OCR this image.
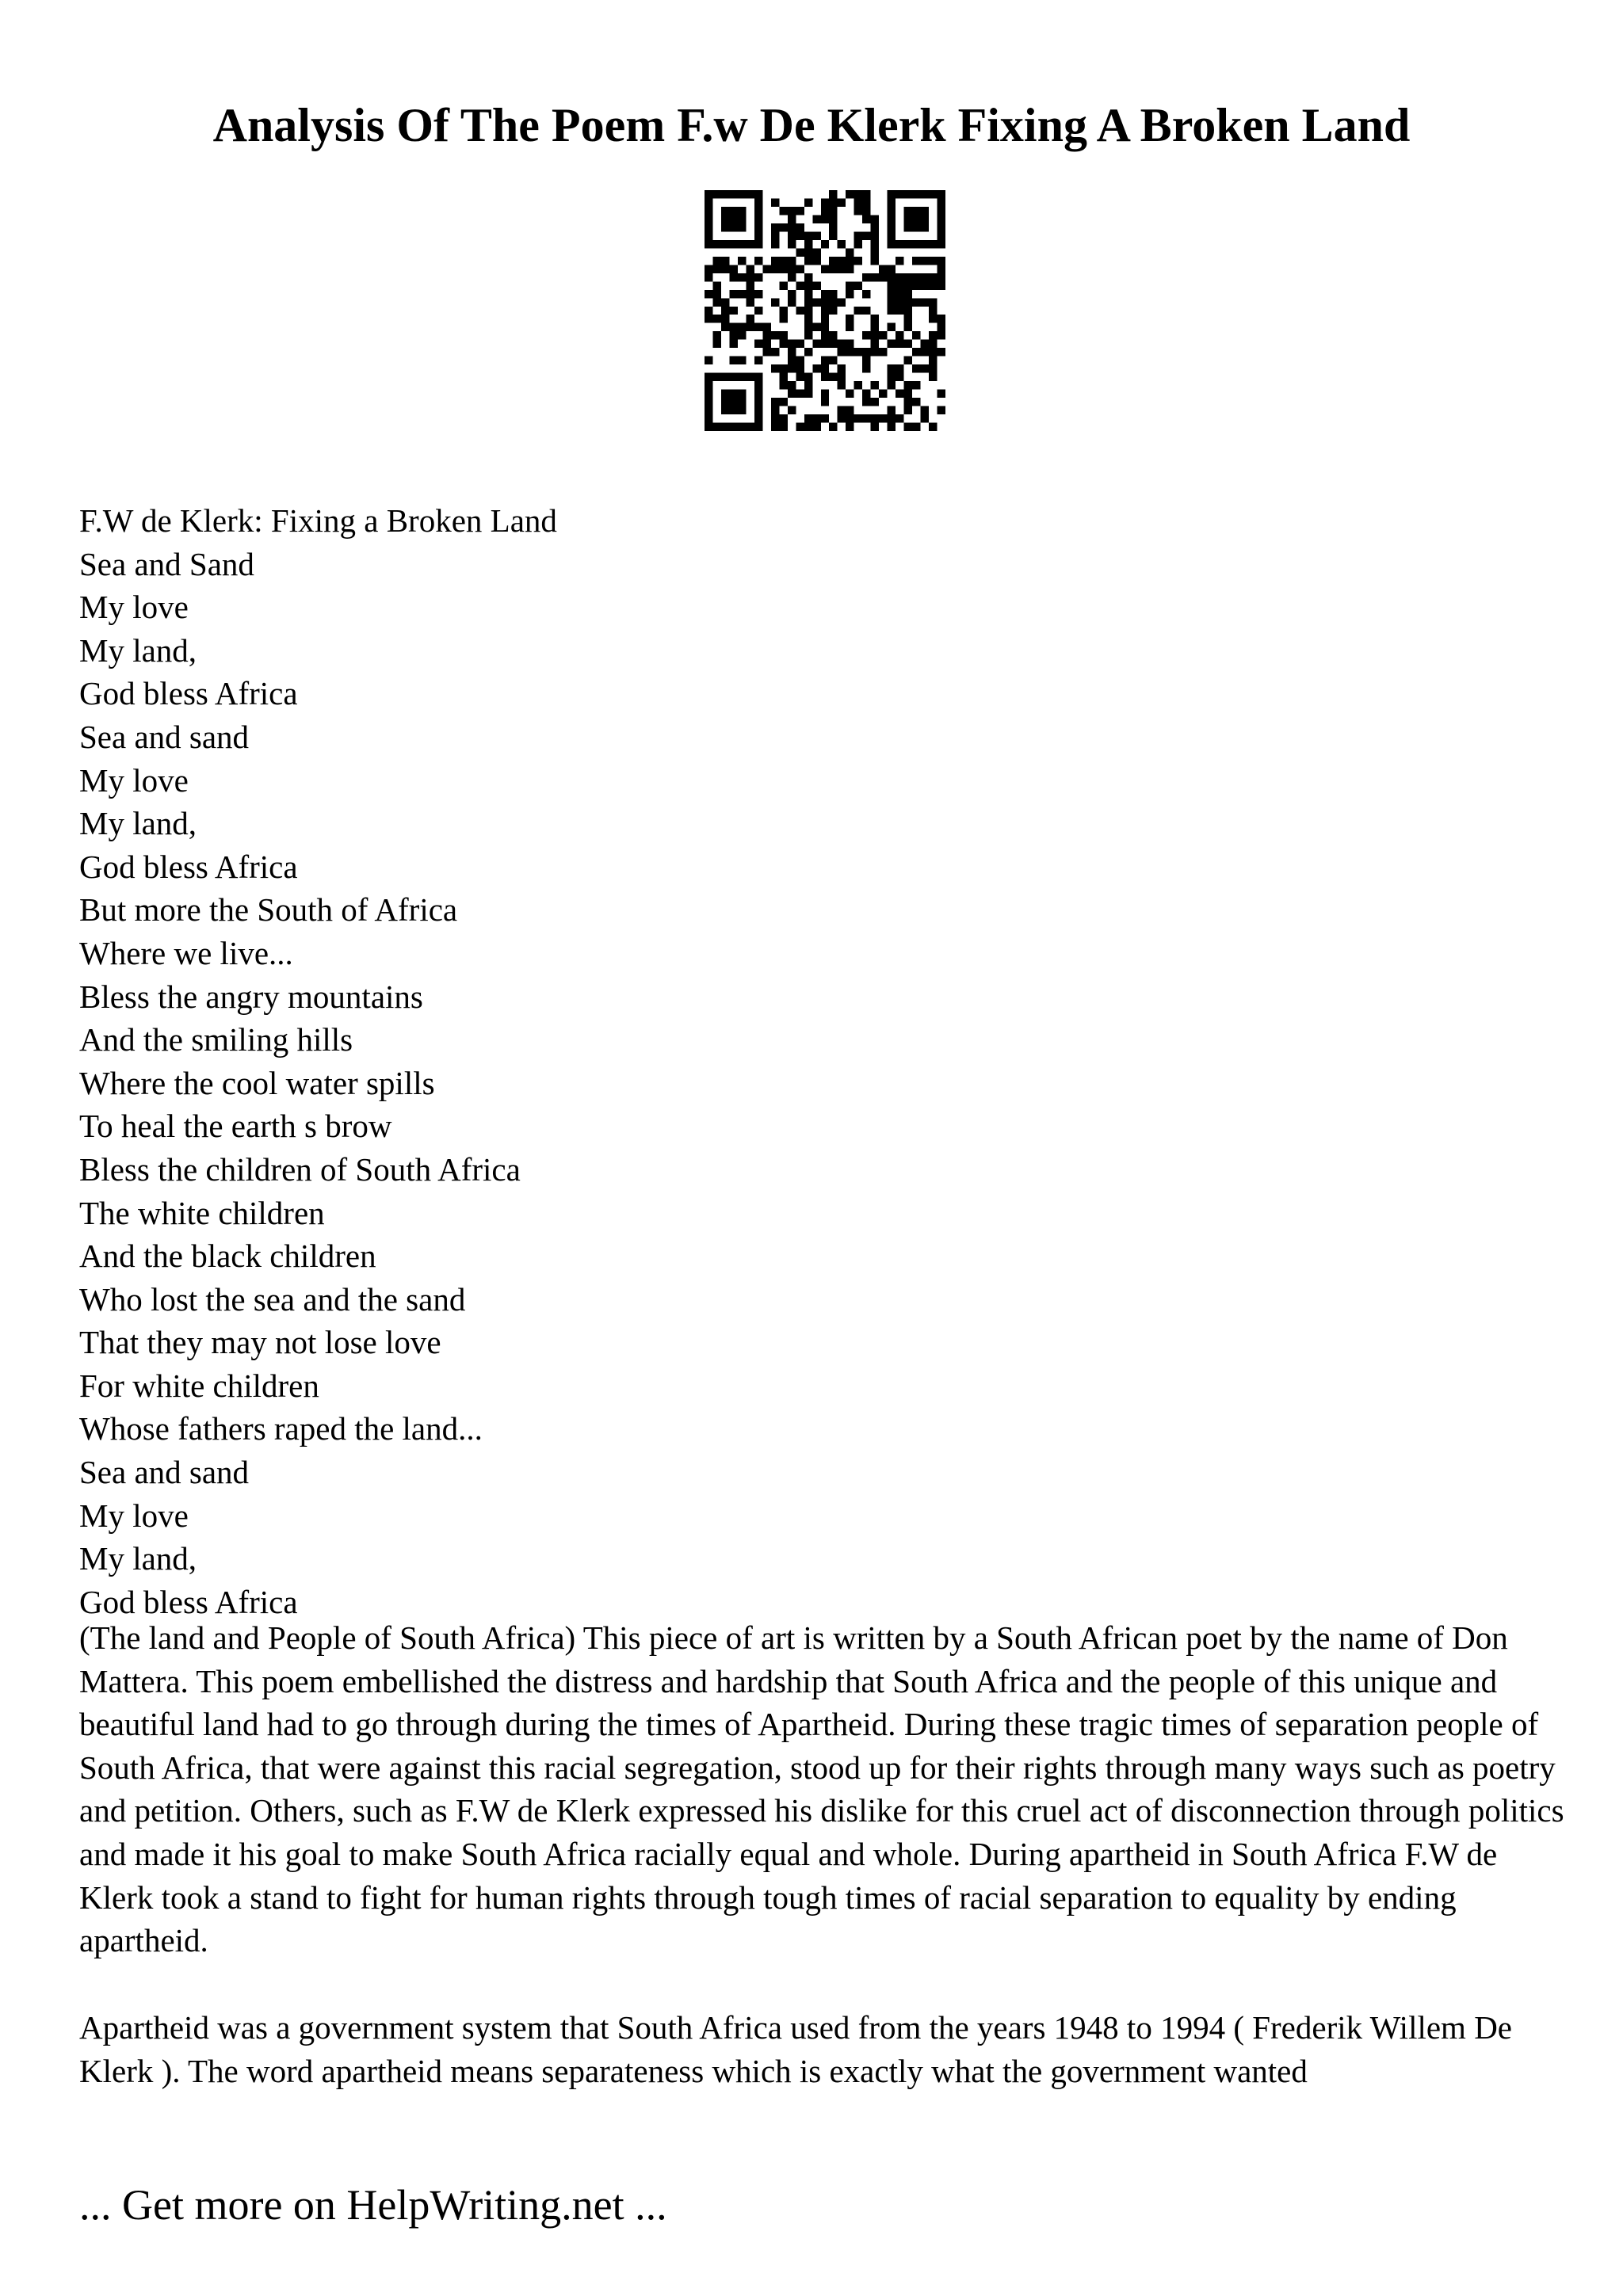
Analysis Of The Poem F.w De Klerk Fixing A Broken Land
F.W de Klerk: Fixing a Broken Land
Sea and Sand
My love
My land,
God bless Africa
Sea and sand
My love
My land,
God bless Africa
But more the South of Africa
Where we live...
Bless the angry mountains
And the smiling hills
Where the cool water spills
To heal the earth s brow
Bless the children of South Africa
The white children
And the black children
Who lost the sea and the sand
That they may not lose love
For white children
Whose fathers raped the land...
Sea and sand
My love
My land,
God bless Africa

(The land and People of South Africa) This piece of art is written by a South African poet by the name of Don Mattera. This poem embellished the distress and hardship that South Africa and the people of this unique and beautiful land had to go through during the times of Apartheid. During these tragic times of separation people of South Africa, that were against this racial segregation, stood up for their rights through many ways such as poetry and petition. Others, such as F.W de Klerk expressed his dislike for this cruel act of disconnection through politics and made it his goal to make South Africa racially equal and whole. During apartheid in South Africa F.W de Klerk took a stand to fight for human rights through tough times of racial separation to equality by ending apartheid.

Apartheid was a government system that South Africa used from the years 1948 to 1994 ( Frederik Willem De Klerk ). The word apartheid means separateness which is exactly what the government wanted

... Get more on HelpWriting.net ...
